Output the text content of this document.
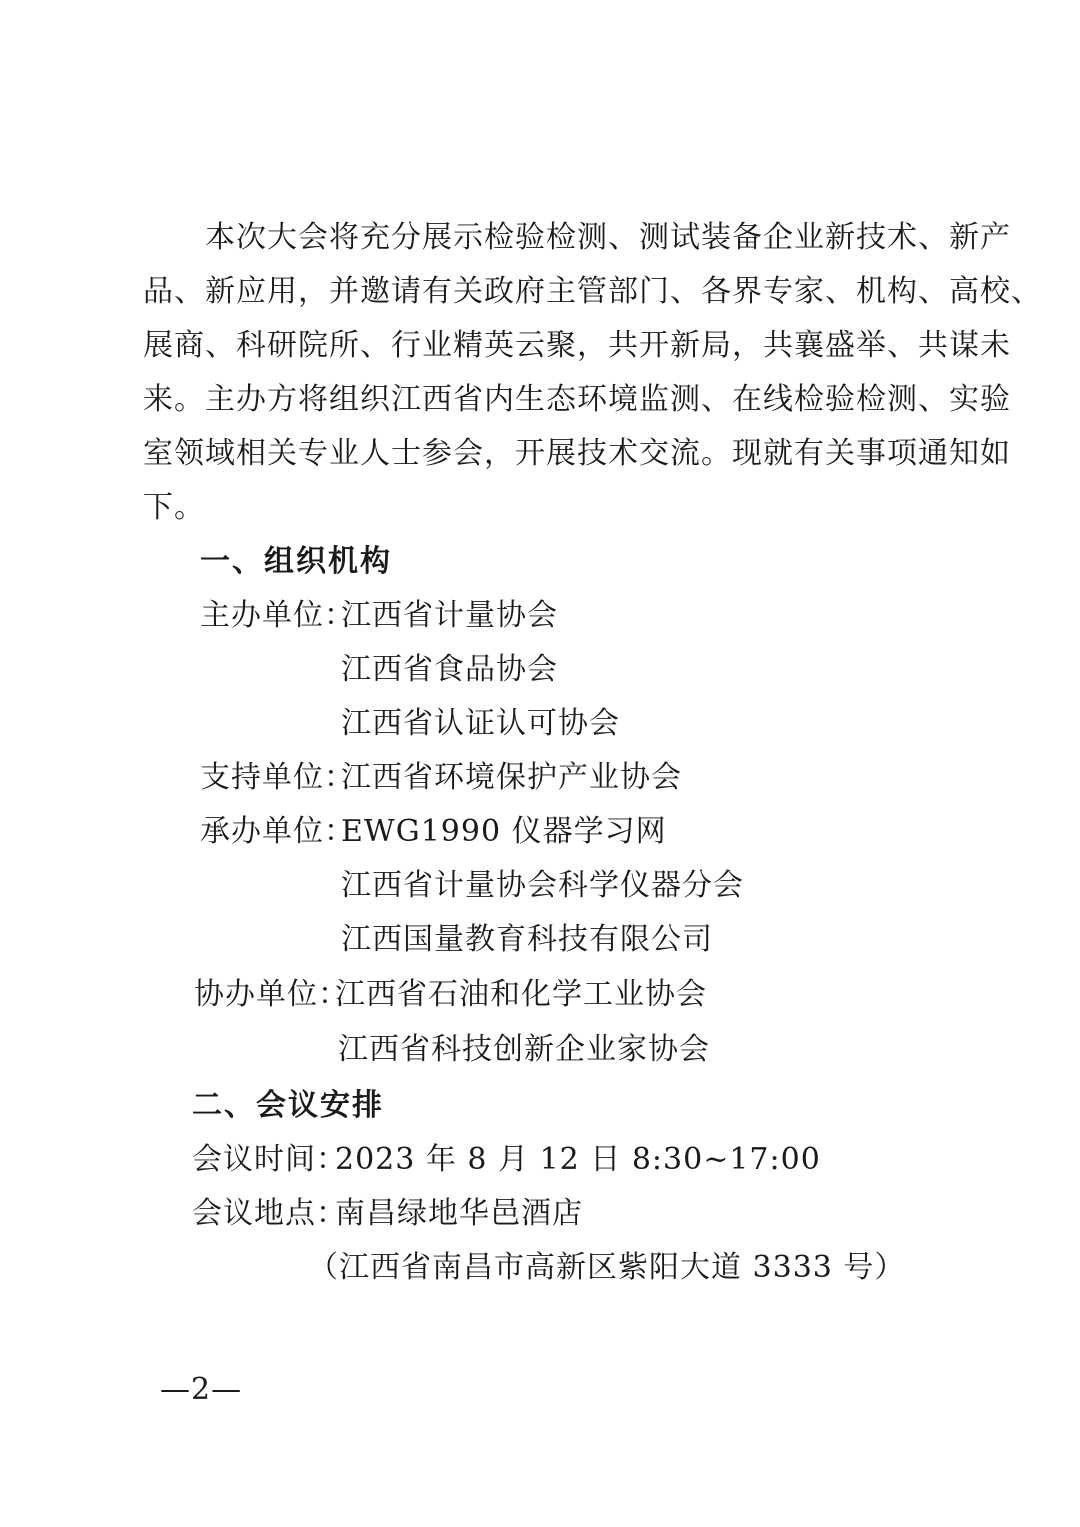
本次大会将充分展示检验检测、测试装备企业新技术、新产
品、新应用，并邀请有关政府主管部门、各界专家、机构、高校、
展商、科研院所、行业精英云聚，共开新局，共襄盛举、共谋未
来。主办方将组织江西省内生态环境监测、在线检验检测、实验
室领域相关专业人士参会，开展技术交流。现就有关事项通知如
下。
一、组织机构
主办单位：
江西省计量协会
江西省食品协会
江西省认证认可协会
支持单位：
江西省环境保护产业协会
承办单位：
EWG1990 仪器学习网
江西省计量协会科学仪器分会
江西国量教育科技有限公司
协办单位：
江西省石油和化学工业协会
江西省科技创新企业家协会
二、会议安排
会议时间：
2023 年 8 月 12 日 8:30~17:00
会议地点：
南昌绿地华邑酒店
（江西省南昌市高新区紫阳大道 3333 号）
—2—
